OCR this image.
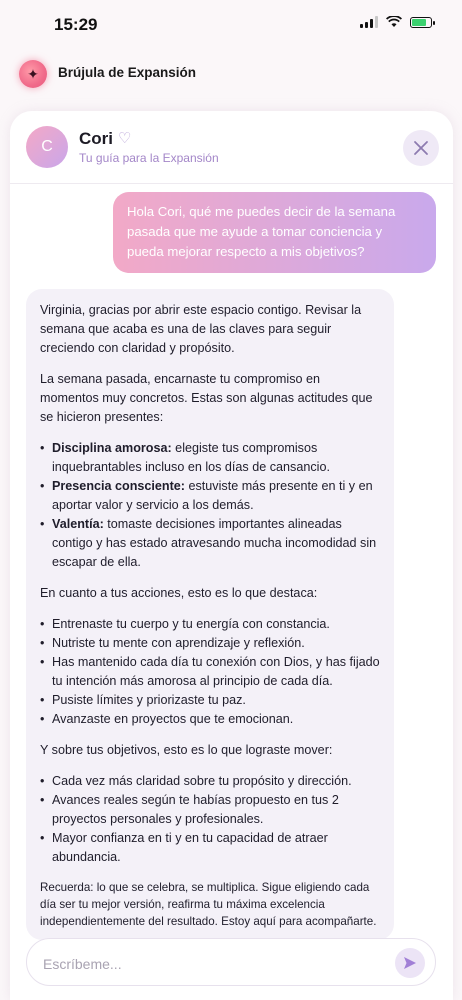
15:29
✦	Brújula de Expansión
C	Cori ♡
Tu guía para la Expansión
Hola Cori, qué me puedes decir de la semana pasada que me ayude a tomar conciencia y pueda mejorar respecto a mis objetivos?

Virginia, gracias por abrir este espacio contigo. Revisar la semana que acaba es una de las claves para seguir creciendo con claridad y propósito.

La semana pasada, encarnaste tu compromiso en momentos muy concretos. Estas son algunas actitudes que se hicieron presentes:

• Disciplina amorosa: elegiste tus compromisos inquebrantables incluso en los días de cansancio.
• Presencia consciente: estuviste más presente en ti y en aportar valor y servicio a los demás.
• Valentía: tomaste decisiones importantes alineadas contigo y has estado atravesando mucha incomodidad sin escapar de ella.

En cuanto a tus acciones, esto es lo que destaca:

• Entrenaste tu cuerpo y tu energía con constancia.
• Nutriste tu mente con aprendizaje y reflexión.
• Has mantenido cada día tu conexión con Dios, y has fijado tu intención más amorosa al principio de cada día.
• Pusiste límites y priorizaste tu paz.
• Avanzaste en proyectos que te emocionan.

Y sobre tus objetivos, esto es lo que lograste mover:

• Cada vez más claridad sobre tu propósito y dirección.
• Avances reales según te habías propuesto en tus 2 proyectos personales y profesionales.
• Mayor confianza en ti y en tu capacidad de atraer abundancia.

Recuerda: lo que se celebra, se multiplica. Sigue eligiendo cada día ser tu mejor versión, reafirma tu máxima excelencia independientemente del resultado. Estoy aquí para acompañarte.

Escríbeme...
